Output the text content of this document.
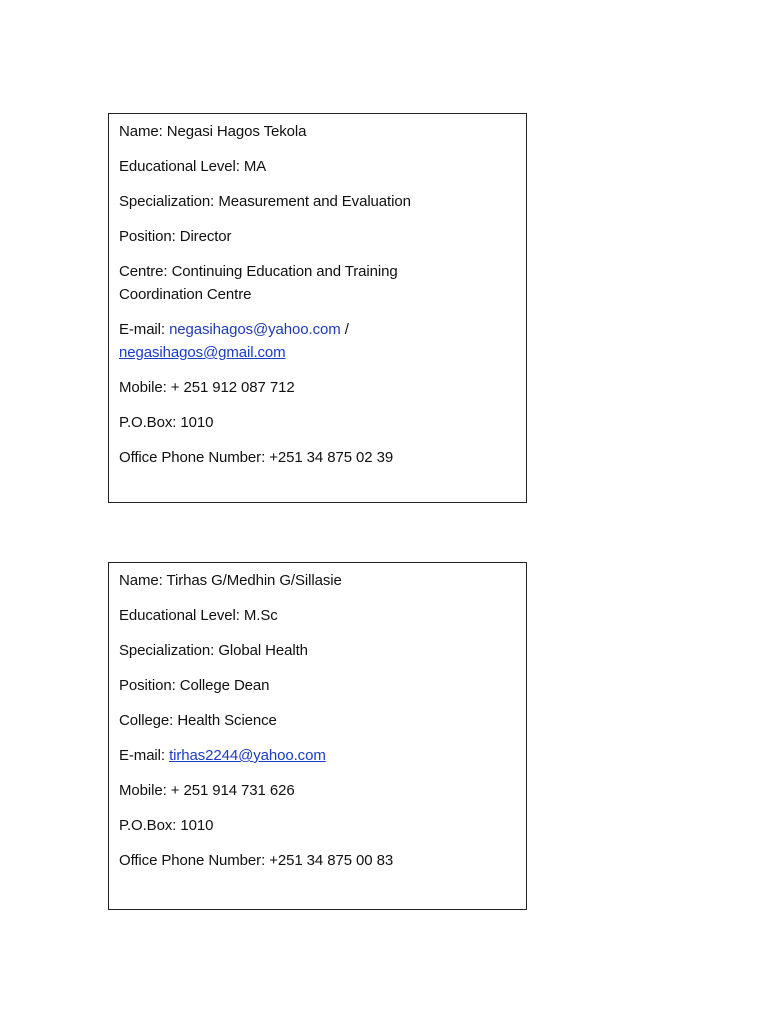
Name: Negasi Hagos Tekola
Educational Level: MA
Specialization: Measurement and Evaluation
Position: Director
Centre: Continuing Education and Training
Coordination Centre
E-mail: negasihagos@yahoo.com /
negasihagos@gmail.com
Mobile: + 251 912 087 712
P.O.Box: 1010
Office Phone Number: +251 34 875 02 39
Name: Tirhas G/Medhin G/Sillasie
Educational Level: M.Sc
Specialization: Global Health
Position: College Dean
College: Health Science
E-mail: tirhas2244@yahoo.com
Mobile: + 251 914 731 626
P.O.Box: 1010
Office Phone Number: +251 34 875 00 83
